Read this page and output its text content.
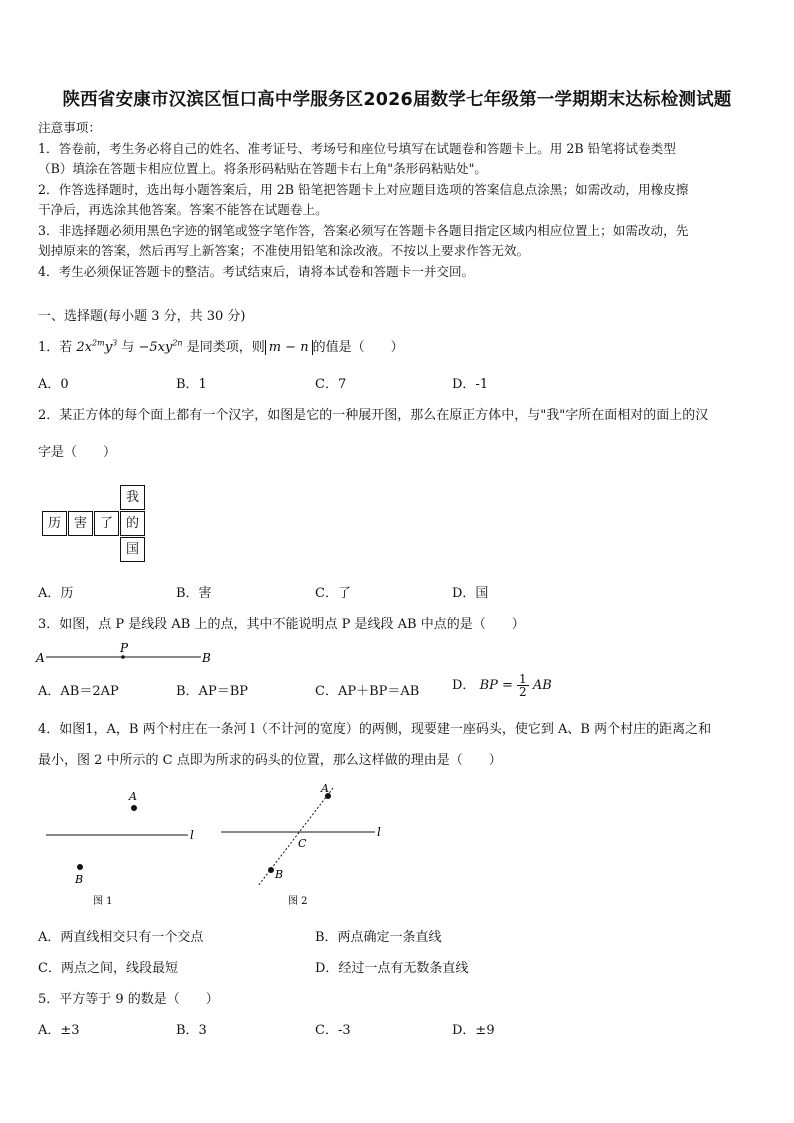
陕西省安康市汉滨区恒口高中学服务区2026届数学七年级第一学期期末达标检测试题
注意事项：
1．答卷前，考生务必将自己的姓名、准考证号、考场号和座位号填写在试题卷和答题卡上。用 2B 铅笔将试卷类型
（B）填涂在答题卡相应位置上。将条形码粘贴在答题卡右上角"条形码粘贴处"。
2．作答选择题时，选出每小题答案后，用 2B 铅笔把答题卡上对应题目选项的答案信息点涂黑；如需改动，用橡皮擦
干净后，再选涂其他答案。答案不能答在试题卷上。
3．非选择题必须用黑色字迹的钢笔或签字笔作答，答案必须写在答题卡各题目指定区域内相应位置上；如需改动，先
划掉原来的答案，然后再写上新答案；不准使用铅笔和涂改液。不按以上要求作答无效。
4．考生必须保证答题卡的整洁。考试结束后，请将本试卷和答题卡一并交回。
一、选择题(每小题 3 分，共 30 分)
1．若 $2x^{2m}y^3$ 与 $-5xy^{2n}$ 是同类项，则 m − n 的值是（　　）
A．0	B．1	C．7	D．-1
2．某正方体的每个面上都有一个汉字，如图是它的一种展开图，那么在原正方体中，与"我"字所在面相对的面上的汉
字是（　　）
我
历 害 了 的
国
A．历	B．害	C．了	D．国
3．如图，点 P 是线段 AB 上的点，其中不能说明点 P 是线段 AB 中点的是（　　）
A
P
B
A．AB＝2AP	B．AP＝BP	C．AP＋BP＝AB	D． BP = $\frac{1}{2}$ AB
4．如图1，A，B 两个村庄在一条河 l（不计河的宽度）的两侧，现要建一座码头，使它到 A、B 两个村庄的距离之和
最小，图 2 中所示的 C 点即为所求的码头的位置，那么这样做的理由是（　　）
A
B
l
图 1
A
B
C
l
图 2
A．两直线相交只有一个交点	B．两点确定一条直线
C．两点之间，线段最短	D．经过一点有无数条直线
5．平方等于 9 的数是（　　）
A．±3	B．3	C．-3	D．±9
